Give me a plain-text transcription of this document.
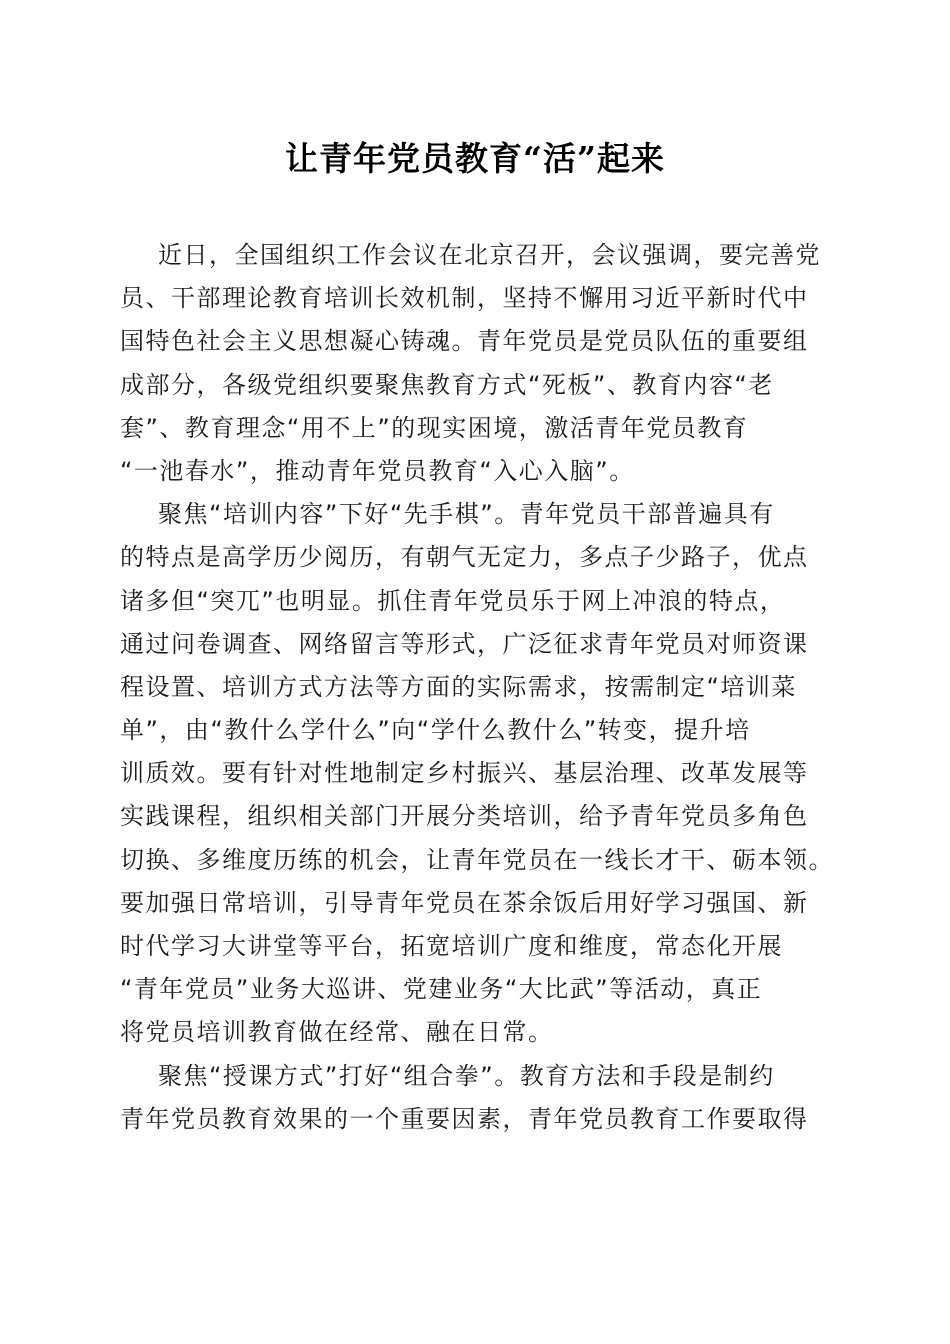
让青年党员教育“活”起来
近日，全国组织工作会议在北京召开，会议强调，要完善党
员、干部理论教育培训长效机制，坚持不懈用习近平新时代中
国特色社会主义思想凝心铸魂。青年党员是党员队伍的重要组
成部分，各级党组织要聚焦教育方式“死板”、教育内容“老
套”、教育理念“用不上”的现实困境，激活青年党员教育
“一池春水”，推动青年党员教育“入心入脑”。
聚焦“培训内容”下好“先手棋”。青年党员干部普遍具有
的特点是高学历少阅历，有朝气无定力，多点子少路子，优点
诸多但“突兀”也明显。抓住青年党员乐于网上冲浪的特点，
通过问卷调查、网络留言等形式，广泛征求青年党员对师资课
程设置、培训方式方法等方面的实际需求，按需制定“培训菜
单”，由“教什么学什么”向“学什么教什么”转变，提升培
训质效。要有针对性地制定乡村振兴、基层治理、改革发展等
实践课程，组织相关部门开展分类培训，给予青年党员多角色
切换、多维度历练的机会，让青年党员在一线长才干、砺本领。
要加强日常培训，引导青年党员在茶余饭后用好学习强国、新
时代学习大讲堂等平台，拓宽培训广度和维度，常态化开展
“青年党员”业务大巡讲、党建业务“大比武”等活动，真正
将党员培训教育做在经常、融在日常。
聚焦“授课方式”打好“组合拳”。教育方法和手段是制约
青年党员教育效果的一个重要因素，青年党员教育工作要取得
